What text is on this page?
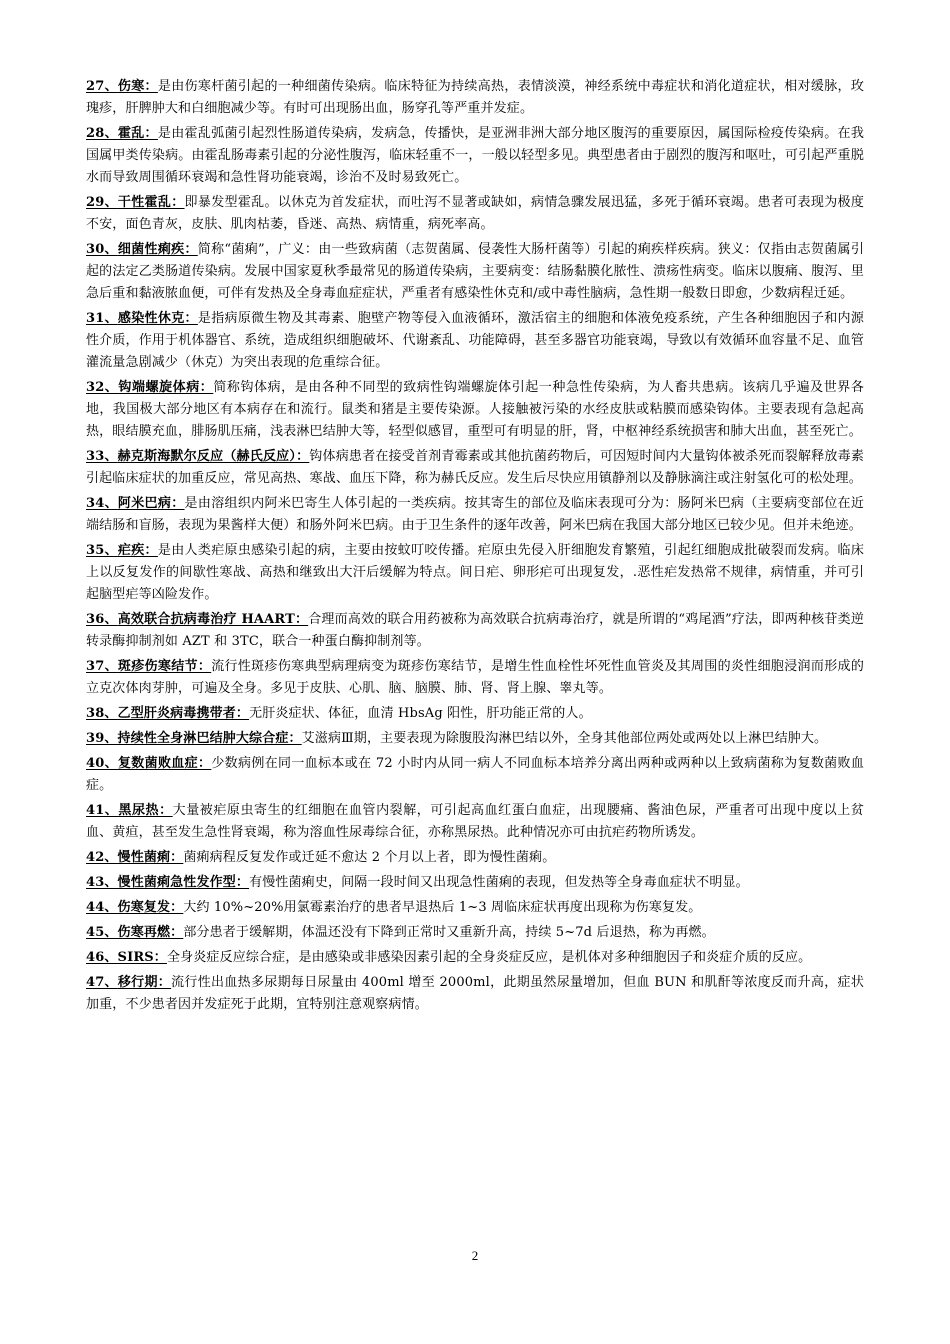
27、伤寒：是由伤寒杆菌引起的一种细菌传染病。临床特征为持续高热，表情淡漠，神经系统中毒症状和消化道症状，相对缓脉，玫瑰疹，肝脾肿大和白细胞减少等。有时可出现肠出血，肠穿孔等严重并发症。

28、霍乱：是由霍乱弧菌引起烈性肠道传染病，发病急，传播快，是亚洲非洲大部分地区腹泻的重要原因，属国际检疫传染病。在我国属甲类传染病。由霍乱肠毒素引起的分泌性腹泻，临床轻重不一，一般以轻型多见。典型患者由于剧烈的腹泻和呕吐，可引起严重脱水而导致周围循环衰竭和急性肾功能衰竭，诊治不及时易致死亡。

29、干性霍乱：即暴发型霍乱。以休克为首发症状，而吐泻不显著或缺如，病情急骤发展迅猛，多死于循环衰竭。患者可表现为极度不安，面色青灰，皮肤、肌肉枯萎，昏迷、高热、病情重，病死率高。

30、细菌性痢疾：简称“菌痢”，广义：由一些致病菌（志贺菌属、侵袭性大肠杆菌等）引起的痢疾样疾病。狭义：仅指由志贺菌属引起的法定乙类肠道传染病。发展中国家夏秋季最常见的肠道传染病，主要病变：结肠黏膜化脓性、溃疡性病变。临床以腹痛、腹泻、里急后重和黏液脓血便，可伴有发热及全身毒血症症状，严重者有感染性休克和/或中毒性脑病，急性期一般数日即愈，少数病程迁延。

31、感染性休克：是指病原微生物及其毒素、胞壁产物等侵入血液循环，激活宿主的细胞和体液免疫系统，产生各种细胞因子和内源性介质，作用于机体器官、系统，造成组织细胞破坏、代谢紊乱、功能障碍，甚至多器官功能衰竭，导致以有效循环血容量不足、血管灌流量急剧减少（休克）为突出表现的危重综合征。

32、钩端螺旋体病：简称钩体病，是由各种不同型的致病性钩端螺旋体引起一种急性传染病，为人畜共患病。该病几乎遍及世界各地，我国极大部分地区有本病存在和流行。鼠类和猪是主要传染源。人接触被污染的水经皮肤或粘膜而感染钩体。主要表现有急起高热，眼结膜充血，腓肠肌压痛，浅表淋巴结肿大等，轻型似感冒，重型可有明显的肝，肾，中枢神经系统损害和肺大出血，甚至死亡。

33、赫克斯海默尔反应（赫氏反应）：钩体病患者在接受首剂青霉素或其他抗菌药物后，可因短时间内大量钩体被杀死而裂解释放毒素引起临床症状的加重反应，常见高热、寒战、血压下降，称为赫氏反应。发生后尽快应用镇静剂以及静脉滴注或注射氢化可的松处理。

34、阿米巴病：是由溶组织内阿米巴寄生人体引起的一类疾病。按其寄生的部位及临床表现可分为：肠阿米巴病（主要病变部位在近端结肠和盲肠，表现为果酱样大便）和肠外阿米巴病。由于卫生条件的逐年改善，阿米巴病在我国大部分地区已较少见。但并未绝迹。

35、疟疾：是由人类疟原虫感染引起的病，主要由按蚊叮咬传播。疟原虫先侵入肝细胞发育繁殖，引起红细胞成批破裂而发病。临床上以反复发作的间歇性寒战、高热和继致出大汗后缓解为特点。间日疟、卵形疟可出现复发，.恶性疟发热常不规律，病情重，并可引起脑型疟等凶险发作。

36、高效联合抗病毒治疗 HAART：合理而高效的联合用药被称为高效联合抗病毒治疗，就是所谓的“鸡尾酒”疗法，即两种核苷类逆转录酶抑制剂如 AZT 和 3TC，联合一种蛋白酶抑制剂等。

37、斑疹伤寒结节：流行性斑疹伤寒典型病理病变为斑疹伤寒结节，是增生性血栓性坏死性血管炎及其周围的炎性细胞浸润而形成的立克次体肉芽肿，可遍及全身。多见于皮肤、心肌、脑、脑膜、肺、肾、肾上腺、睾丸等。

38、乙型肝炎病毒携带者：无肝炎症状、体征，血清 HbsAg 阳性，肝功能正常的人。

39、持续性全身淋巴结肿大综合症：艾滋病Ⅲ期，主要表现为除腹股沟淋巴结以外，全身其他部位两处或两处以上淋巴结肿大。

40、复数菌败血症：少数病例在同一血标本或在 72 小时内从同一病人不同血标本培养分离出两种或两种以上致病菌称为复数菌败血症。

41、黑尿热：大量被疟原虫寄生的红细胞在血管内裂解，可引起高血红蛋白血症，出现腰痛、酱油色尿，严重者可出现中度以上贫血、黄疸，甚至发生急性肾衰竭，称为溶血性尿毒综合征，亦称黑尿热。此种情况亦可由抗疟药物所诱发。

42、慢性菌痢：菌痢病程反复发作或迁延不愈达 2 个月以上者，即为慢性菌痢。

43、慢性菌痢急性发作型：有慢性菌痢史，间隔一段时间又出现急性菌痢的表现，但发热等全身毒血症状不明显。

44、伤寒复发：大约 10%~20%用氯霉素治疗的患者早退热后 1~3 周临床症状再度出现称为伤寒复发。

45、伤寒再燃：部分患者于缓解期，体温还没有下降到正常时又重新升高，持续 5~7d 后退热，称为再燃。

46、SIRS：全身炎症反应综合症，是由感染或非感染因素引起的全身炎症反应，是机体对多种细胞因子和炎症介质的反应。

47、移行期：流行性出血热多尿期每日尿量由 400ml 增至 2000ml，此期虽然尿量增加，但血 BUN 和肌酐等浓度反而升高，症状加重，不少患者因并发症死于此期，宜特别注意观察病情。

2
